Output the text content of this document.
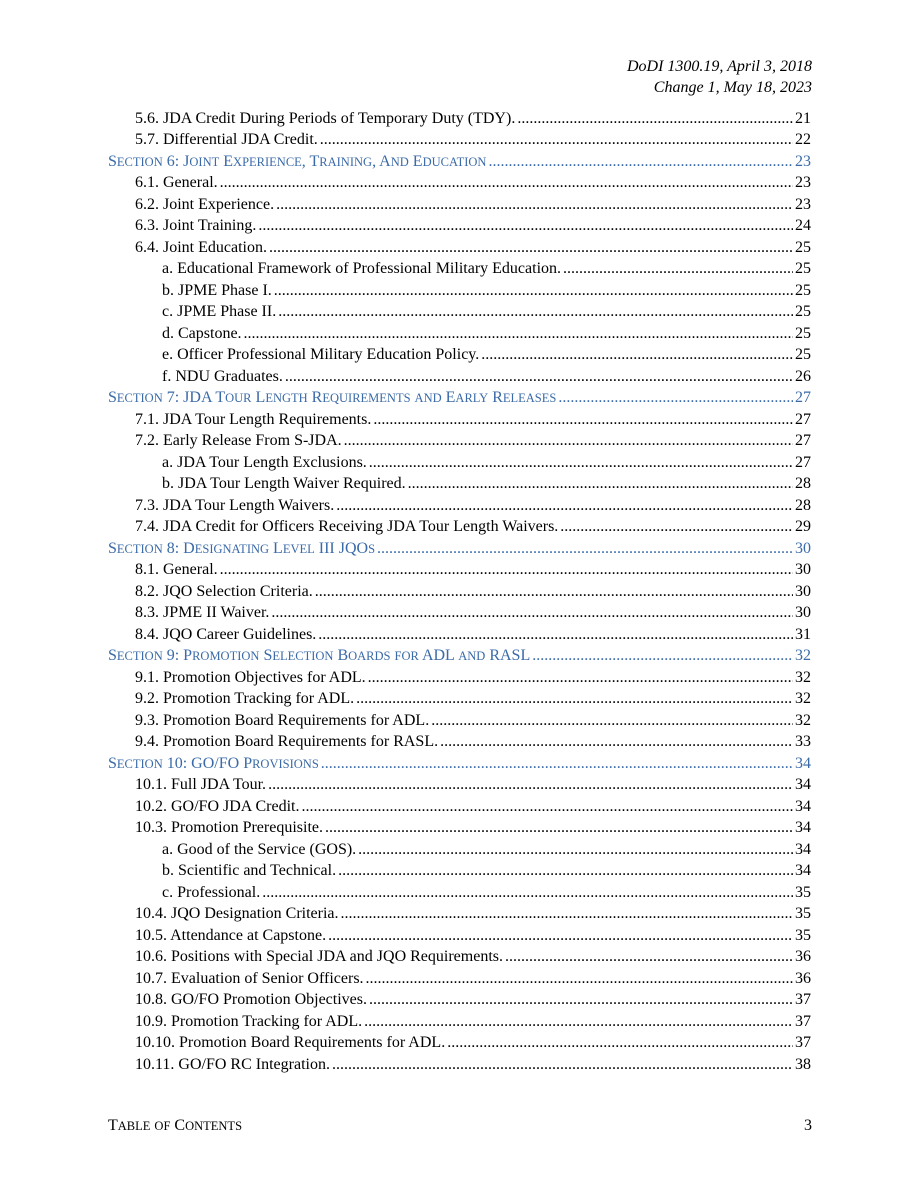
DoDI 1300.19, April 3, 2018
Change 1, May 18, 2023
5.6. JDA Credit During Periods of Temporary Duty (TDY). .....	21
5.7. Differential JDA Credit. .....	22
SECTION 6: JOINT EXPERIENCE, TRAINING, AND EDUCATION .....	23
6.1. General. .....	23
6.2. Joint Experience. .....	23
6.3. Joint Training. .....	24
6.4. Joint Education. .....	25
a. Educational Framework of Professional Military Education. .....	25
b. JPME Phase I. .....	25
c. JPME Phase II. .....	25
d. Capstone. .....	25
e. Officer Professional Military Education Policy. .....	25
f. NDU Graduates. .....	26
SECTION 7: JDA TOUR LENGTH REQUIREMENTS AND EARLY RELEASES .....	27
7.1. JDA Tour Length Requirements. .....	27
7.2. Early Release From S-JDA. .....	27
a. JDA Tour Length Exclusions. .....	27
b. JDA Tour Length Waiver Required. .....	28
7.3. JDA Tour Length Waivers. .....	28
7.4. JDA Credit for Officers Receiving JDA Tour Length Waivers. .....	29
SECTION 8: DESIGNATING LEVEL III JQOS .....	30
8.1. General. .....	30
8.2. JQO Selection Criteria. .....	30
8.3. JPME II Waiver. .....	30
8.4. JQO Career Guidelines. .....	31
SECTION 9: PROMOTION SELECTION BOARDS FOR ADL AND RASL .....	32
9.1. Promotion Objectives for ADL. .....	32
9.2. Promotion Tracking for ADL. .....	32
9.3. Promotion Board Requirements for ADL. .....	32
9.4. Promotion Board Requirements for RASL. .....	33
SECTION 10: GO/FO PROVISIONS .....	34
10.1. Full JDA Tour. .....	34
10.2. GO/FO JDA Credit. .....	34
10.3. Promotion Prerequisite. .....	34
a. Good of the Service (GOS). .....	34
b. Scientific and Technical. .....	34
c. Professional. .....	35
10.4. JQO Designation Criteria. .....	35
10.5. Attendance at Capstone. .....	35
10.6. Positions with Special JDA and JQO Requirements. .....	36
10.7. Evaluation of Senior Officers. .....	36
10.8. GO/FO Promotion Objectives. .....	37
10.9. Promotion Tracking for ADL. .....	37
10.10. Promotion Board Requirements for ADL. .....	37
10.11. GO/FO RC Integration. .....	38
TABLE OF CONTENTS	3
